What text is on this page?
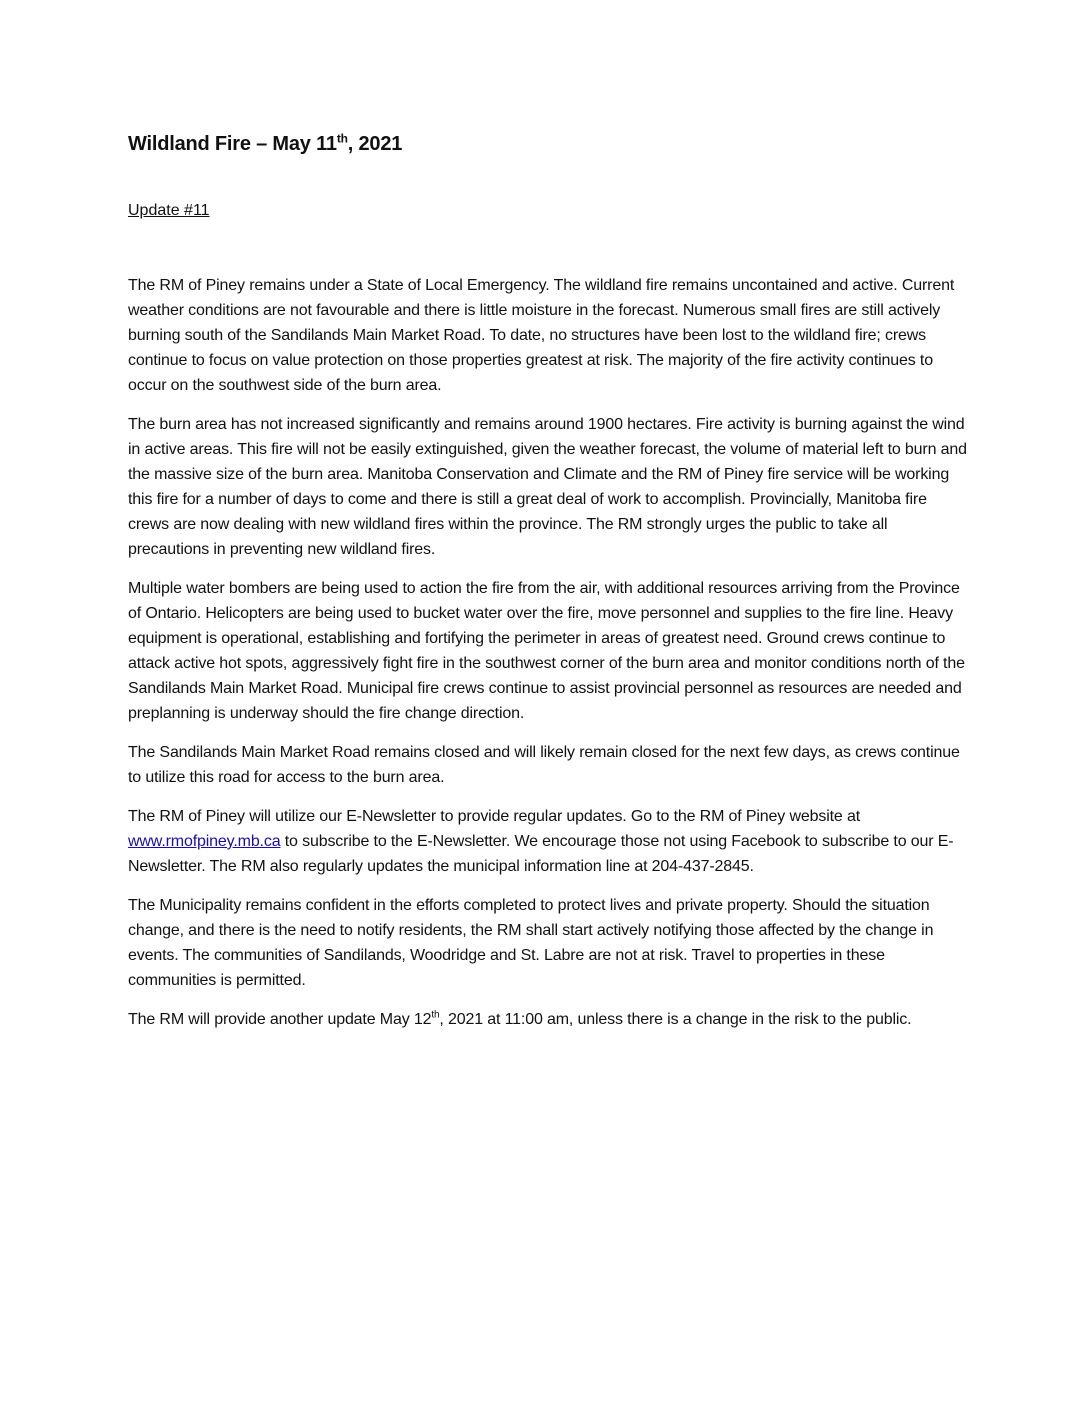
Wildland Fire – May 11th, 2021

Update #11

The RM of Piney remains under a State of Local Emergency. The wildland fire remains uncontained and active. Current weather conditions are not favourable and there is little moisture in the forecast. Numerous small fires are still actively burning south of the Sandilands Main Market Road. To date, no structures have been lost to the wildland fire; crews continue to focus on value protection on those properties greatest at risk. The majority of the fire activity continues to occur on the southwest side of the burn area.

The burn area has not increased significantly and remains around 1900 hectares. Fire activity is burning against the wind in active areas. This fire will not be easily extinguished, given the weather forecast, the volume of material left to burn and the massive size of the burn area. Manitoba Conservation and Climate and the RM of Piney fire service will be working this fire for a number of days to come and there is still a great deal of work to accomplish. Provincially, Manitoba fire crews are now dealing with new wildland fires within the province. The RM strongly urges the public to take all precautions in preventing new wildland fires.

Multiple water bombers are being used to action the fire from the air, with additional resources arriving from the Province of Ontario. Helicopters are being used to bucket water over the fire, move personnel and supplies to the fire line. Heavy equipment is operational, establishing and fortifying the perimeter in areas of greatest need. Ground crews continue to attack active hot spots, aggressively fight fire in the southwest corner of the burn area and monitor conditions north of the Sandilands Main Market Road. Municipal fire crews continue to assist provincial personnel as resources are needed and preplanning is underway should the fire change direction.

The Sandilands Main Market Road remains closed and will likely remain closed for the next few days, as crews continue to utilize this road for access to the burn area.

The RM of Piney will utilize our E-Newsletter to provide regular updates. Go to the RM of Piney website at www.rmofpiney.mb.ca to subscribe to the E-Newsletter. We encourage those not using Facebook to subscribe to our E-Newsletter. The RM also regularly updates the municipal information line at 204-437-2845.

The Municipality remains confident in the efforts completed to protect lives and private property. Should the situation change, and there is the need to notify residents, the RM shall start actively notifying those affected by the change in events. The communities of Sandilands, Woodridge and St. Labre are not at risk. Travel to properties in these communities is permitted.

The RM will provide another update May 12th, 2021 at 11:00 am, unless there is a change in the risk to the public.
